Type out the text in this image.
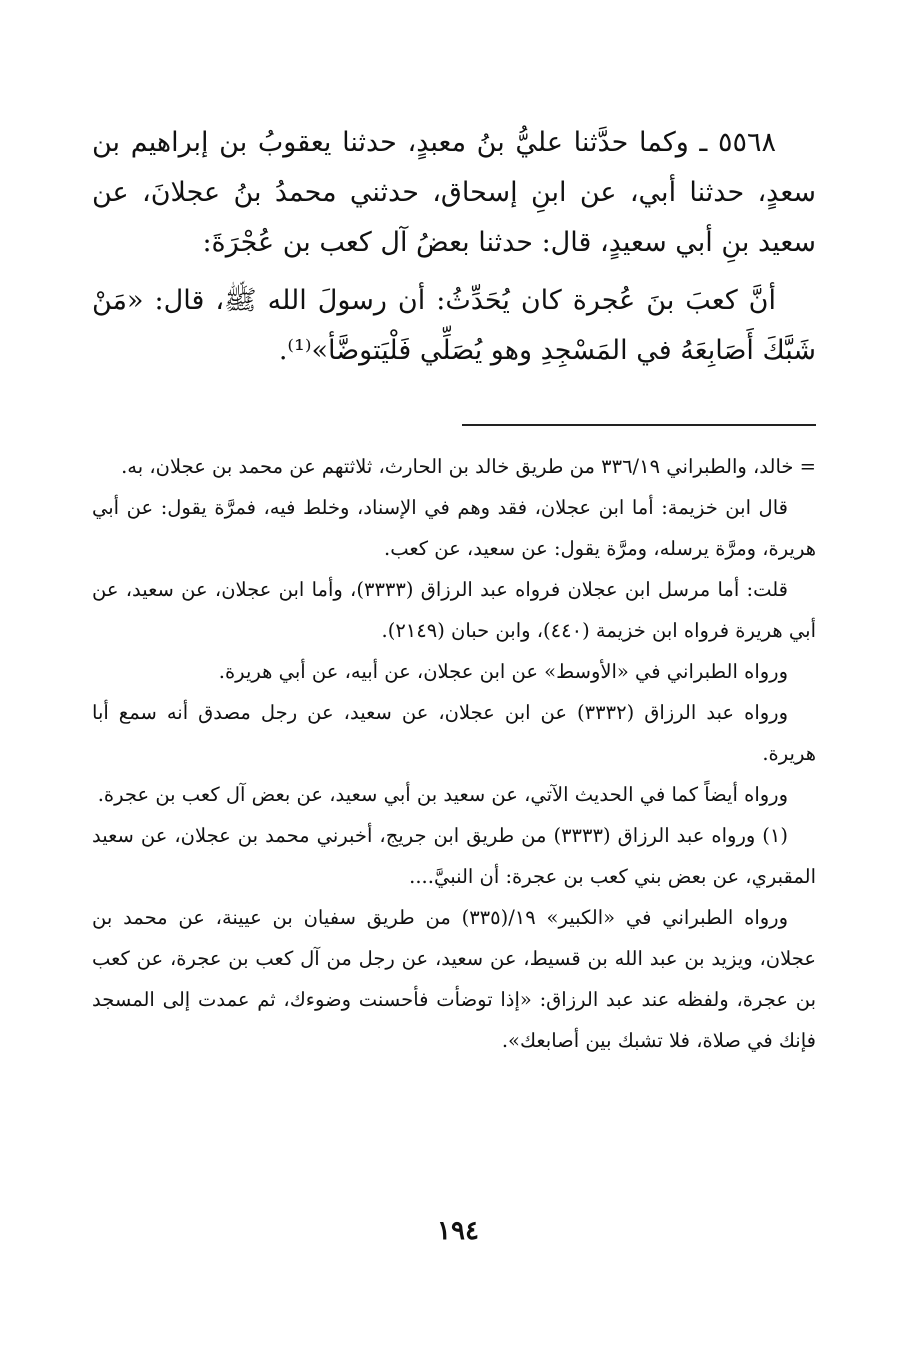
٥٥٦٨ ـ وكما حدَّثنا عليُّ بنُ معبدٍ، حدثنا يعقوبُ بن إبراهيم بن سعدٍ، حدثنا أبي، عن ابنِ إسحاق، حدثني محمدُ بنُ عجلانَ، عن سعيد بنِ أبي سعيدٍ، قال: حدثنا بعضُ آل كعب بن عُجْرَةَ:

أنَّ كعبَ بنَ عُجرة كان يُحَدِّثُ: أن رسولَ الله ﷺ، قال: «مَنْ شَبَّكَ أَصَابِعَهُ في المَسْجِدِ وهو يُصَلِّي فَلْيَتوضَّأ»⁽¹⁾.

= خالد، والطبراني ٣٣٦/١٩ من طريق خالد بن الحارث، ثلاثتهم عن محمد بن عجلان، به.

قال ابن خزيمة: أما ابن عجلان، فقد وهم في الإسناد، وخلط فيه، فمرَّة يقول: عن أبي هريرة، ومرَّة يرسله، ومرَّة يقول: عن سعيد، عن كعب.

قلت: أما مرسل ابن عجلان فرواه عبد الرزاق (٣٣٣٣)، وأما ابن عجلان، عن سعيد، عن أبي هريرة فرواه ابن خزيمة (٤٤٠)، وابن حبان (٢١٤٩).

ورواه الطبراني في «الأوسط» عن ابن عجلان، عن أبيه، عن أبي هريرة.

ورواه عبد الرزاق (٣٣٣٢) عن ابن عجلان، عن سعيد، عن رجل مصدق أنه سمع أبا هريرة.

ورواه أيضاً كما في الحديث الآتي، عن سعيد بن أبي سعيد، عن بعض آل كعب بن عجرة.

(١) ورواه عبد الرزاق (٣٣٣٣) من طريق ابن جريج، أخبرني محمد بن عجلان، عن سعيد المقبري، عن بعض بني كعب بن عجرة: أن النبيَّ....

ورواه الطبراني في «الكبير» ١٩/(٣٣٥) من طريق سفيان بن عيينة، عن محمد بن عجلان، ويزيد بن عبد الله بن قسيط، عن سعيد، عن رجل من آل كعب بن عجرة، عن كعب بن عجرة، ولفظه عند عبد الرزاق: «إذا توضأت فأحسنت وضوءك، ثم عمدت إلى المسجد فإنك في صلاة، فلا تشبك بين أصابعك».

١٩٤
